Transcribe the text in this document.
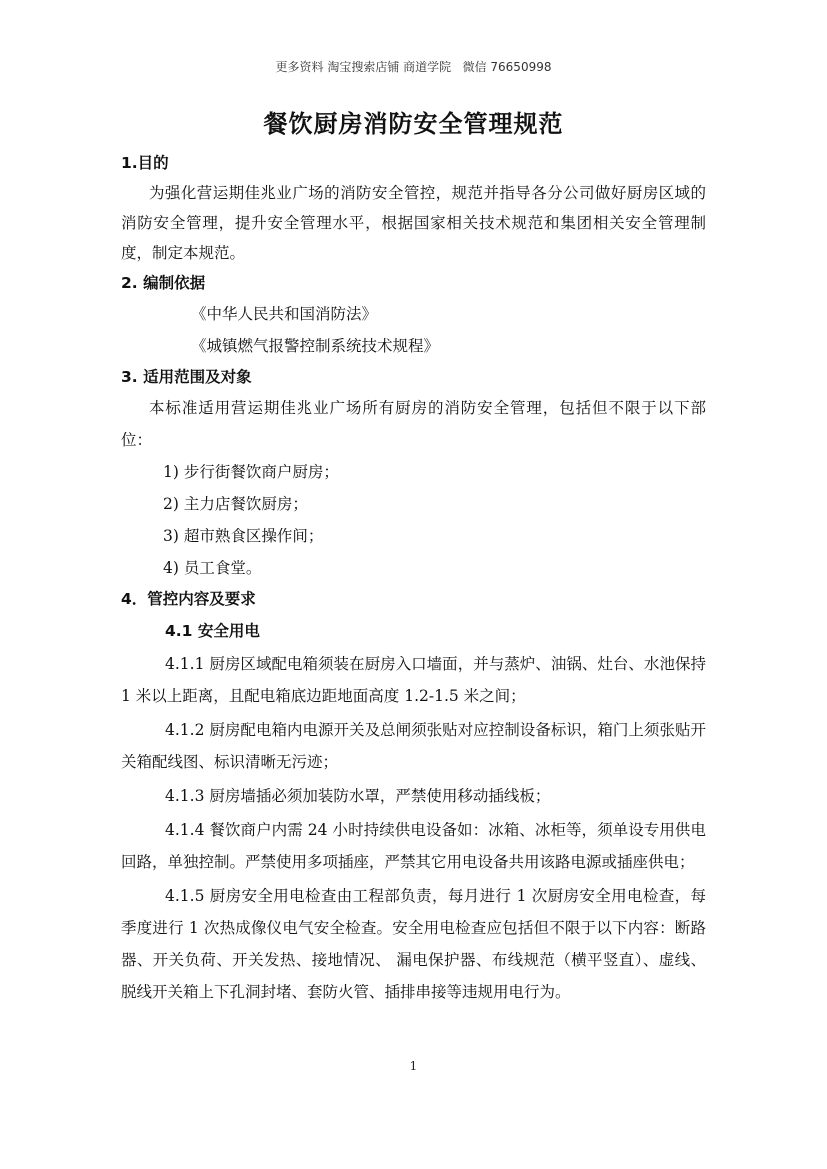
更多资料 淘宝搜索店铺 商道学院   微信 76650998
餐饮厨房消防安全管理规范
1.目的

为强化营运期佳兆业广场的消防安全管控，规范并指导各分公司做好厨房区域的消防安全管理，提升安全管理水平，根据国家相关技术规范和集团相关安全管理制度，制定本规范。

2. 编制依据

《中华人民共和国消防法》

《城镇燃气报警控制系统技术规程》

3. 适用范围及对象

本标准适用营运期佳兆业广场所有厨房的消防安全管理，包括但不限于以下部位：

1) 步行街餐饮商户厨房；

2) 主力店餐饮厨房；

3) 超市熟食区操作间；

4) 员工食堂。

4．管控内容及要求
4.1 安全用电

4.1.1 厨房区域配电箱须装在厨房入口墙面，并与蒸炉、油锅、灶台、水池保持 1 米以上距离，且配电箱底边距地面高度 1.2-1.5 米之间；

4.1.2 厨房配电箱内电源开关及总闸须张贴对应控制设备标识，箱门上须张贴开关箱配线图、标识清晰无污迹；

4.1.3 厨房墙插必须加装防水罩，严禁使用移动插线板；

4.1.4 餐饮商户内需 24 小时持续供电设备如：冰箱、冰柜等，须单设专用供电回路，单独控制。严禁使用多项插座，严禁其它用电设备共用该路电源或插座供电；

4.1.5 厨房安全用电检查由工程部负责，每月进行 1 次厨房安全用电检查，每季度进行 1 次热成像仪电气安全检查。安全用电检查应包括但不限于以下内容：断路器、开关负荷、开关发热、接地情况、 漏电保护器、布线规范（横平竖直）、虚线、脱线开关箱上下孔洞封堵、套防火管、插排串接等违规用电行为。

1
